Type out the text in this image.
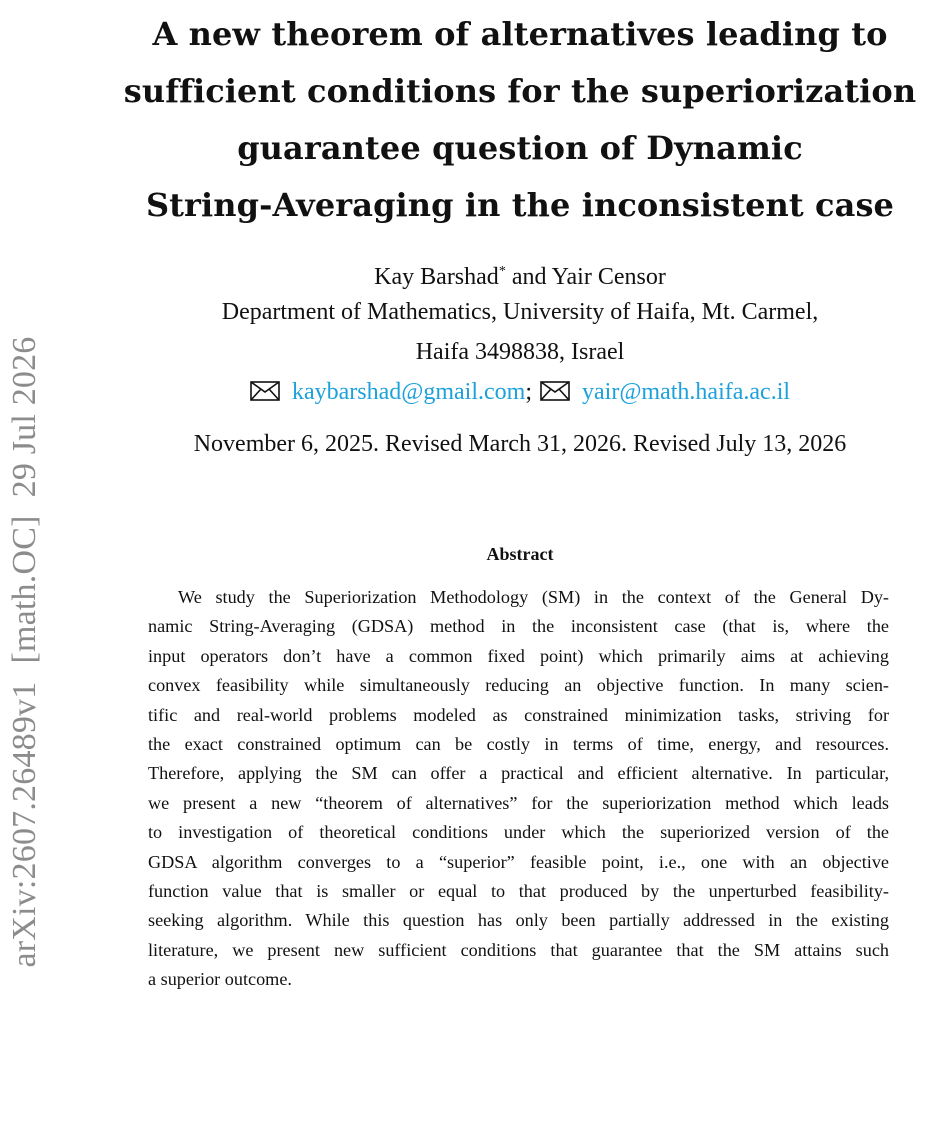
arXiv:2607.26489v1[math.OC]29 Jul 2026
A new theorem of alternatives leading to
sufficient conditions for the superiorization
guarantee question of Dynamic
String-Averaging in the inconsistent case

Kay Barshad* and Yair Censor

Department of Mathematics, University of Haifa, Mt. Carmel,
Haifa 3498838, Israel

kaybarshad@gmail.com; yair@math.haifa.ac.il
November 6, 2025. Revised March 31, 2026. Revised July 13, 2026
Abstract
We study the Superiorization Methodology (SM) in the context of the General Dy-
namic String-Averaging (GDSA) method in the inconsistent case (that is, where the
input operators don’t have a common fixed point) which primarily aims at achieving
convex feasibility while simultaneously reducing an objective function. In many scien-
tific and real-world problems modeled as constrained minimization tasks, striving for
the exact constrained optimum can be costly in terms of time, energy, and resources.
Therefore, applying the SM can offer a practical and efficient alternative. In particular,
we present a new “theorem of alternatives” for the superiorization method which leads
to investigation of theoretical conditions under which the superiorized version of the
GDSA algorithm converges to a “superior” feasible point, i.e., one with an objective
function value that is smaller or equal to that produced by the unperturbed feasibility-
seeking algorithm. While this question has only been partially addressed in the existing
literature, we present new sufficient conditions that guarantee that the SM attains such
a superior outcome.
